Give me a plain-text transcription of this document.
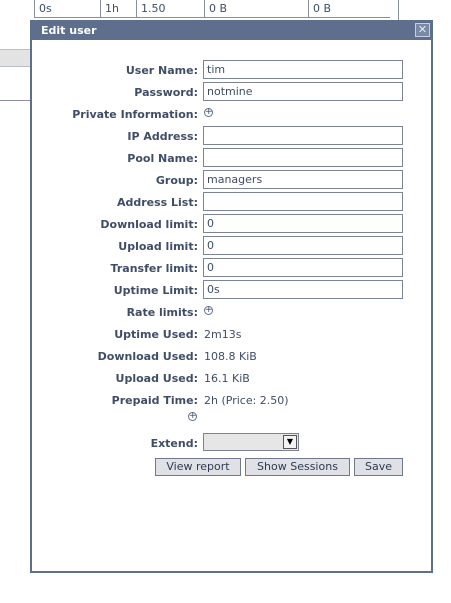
0s	1h	1.50	0 B	0 B
Edit user	✕
User Name: tim
Password: notmine
Private Information: +
IP Address:
Pool Name:
Group: managers
Address List:
Download limit: 0
Upload limit: 0
Transfer limit: 0
Uptime Limit: 0s
Rate limits: +
Uptime Used: 2m13s
Download Used: 108.8 KiB
Upload Used: 16.1 KiB
Prepaid Time: 2h (Price: 2.50)
+
Extend:	▼
View report	Show Sessions	Save
